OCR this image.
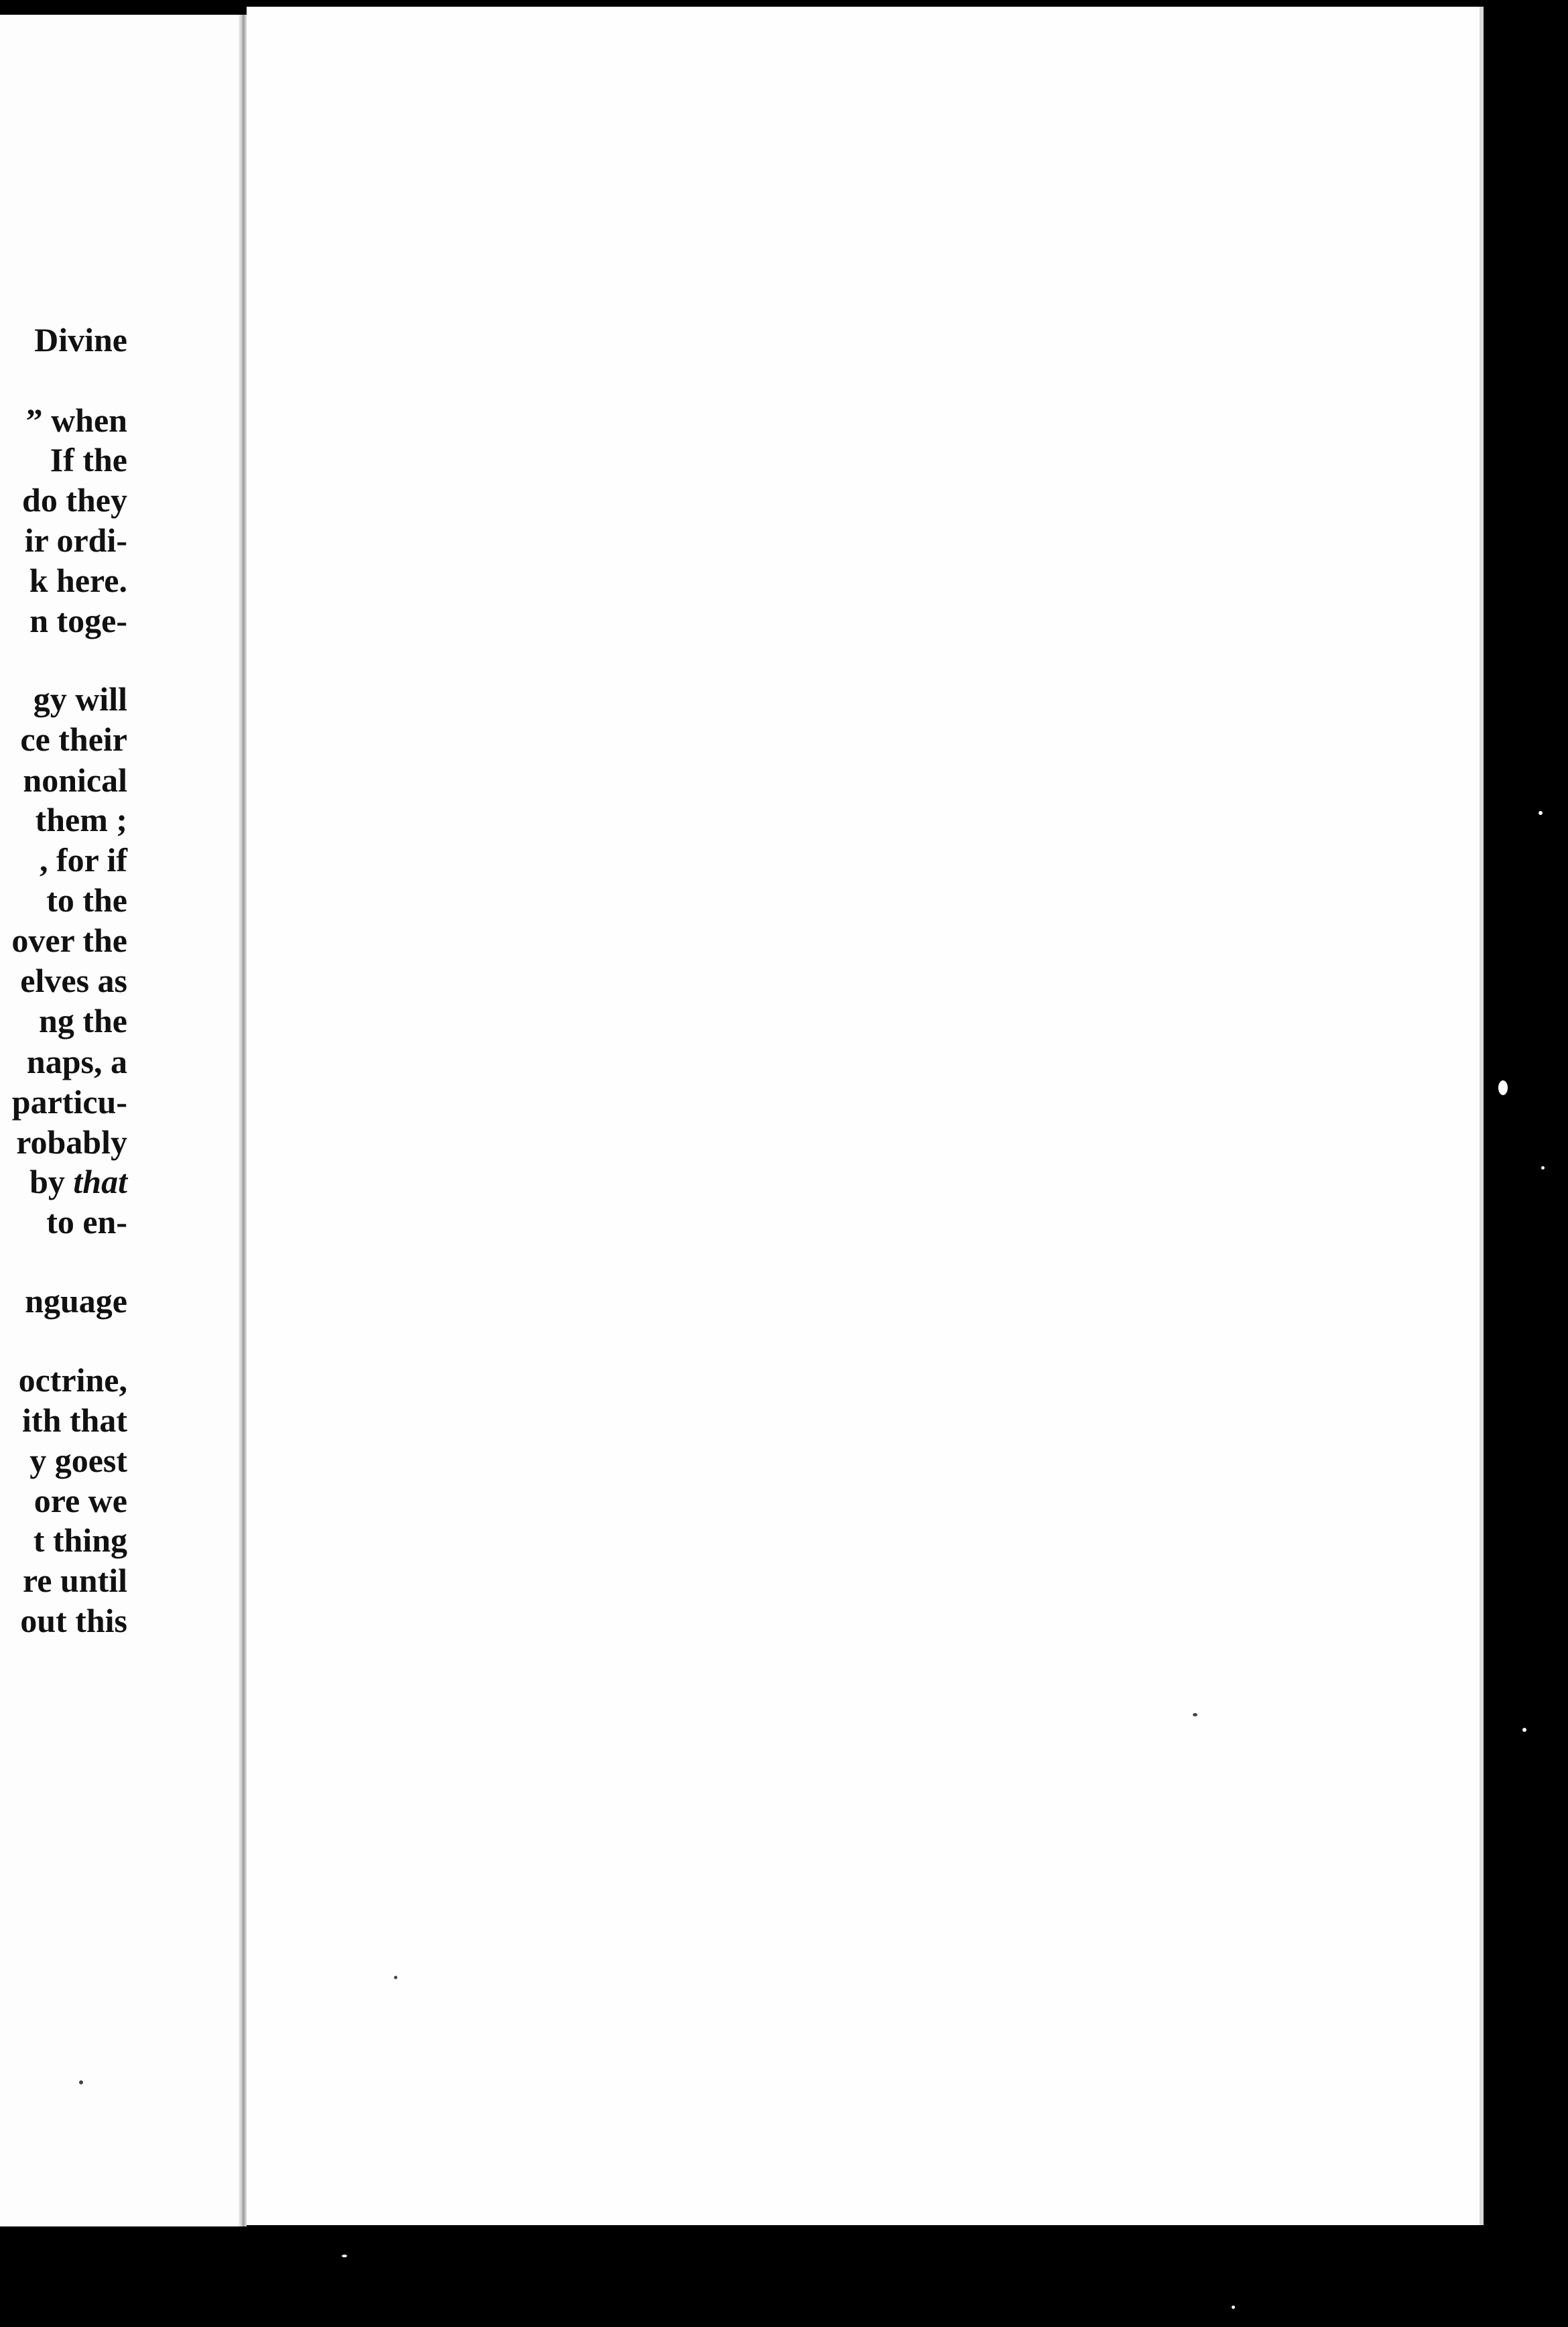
Divine
” when
If the
do they
ir ordi-
k here.
n toge-
gy will
ce their
nonical
them ;
, for if
to the
over the
elves as
ng the
naps, a
particu-
robably
by that
to en-
nguage
octrine,
ith that
y goest
ore we
t thing
re until
out this
